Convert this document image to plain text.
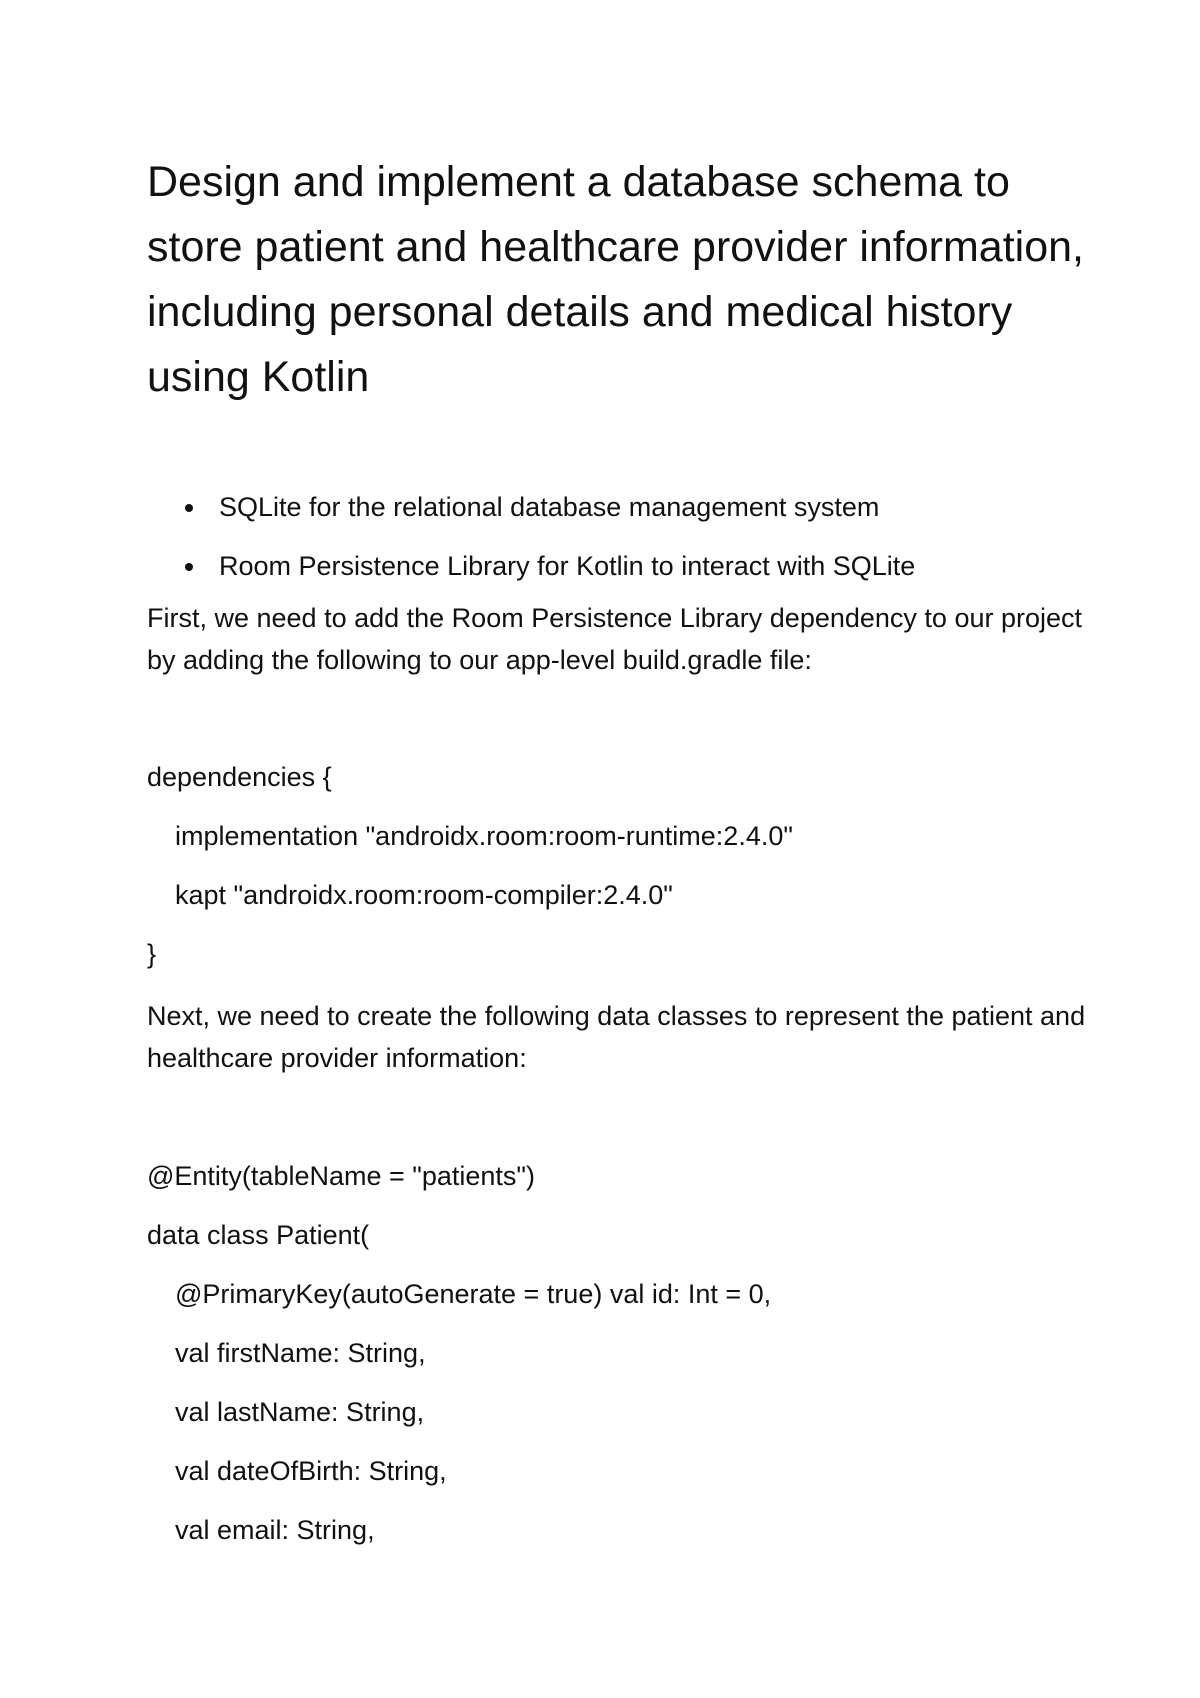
Design and implement a database schema to store patient and healthcare provider information, including personal details and medical history using Kotlin
SQLite for the relational database management system
Room Persistence Library for Kotlin to interact with SQLite

First, we need to add the Room Persistence Library dependency to our project by adding the following to our app-level build.gradle file:

dependencies {
implementation "androidx.room:room-runtime:2.4.0"
kapt "androidx.room:room-compiler:2.4.0"
}

Next, we need to create the following data classes to represent the patient and healthcare provider information:

@Entity(tableName = "patients")
data class Patient(
@PrimaryKey(autoGenerate = true) val id: Int = 0,
val firstName: String,
val lastName: String,
val dateOfBirth: String,
val email: String,
